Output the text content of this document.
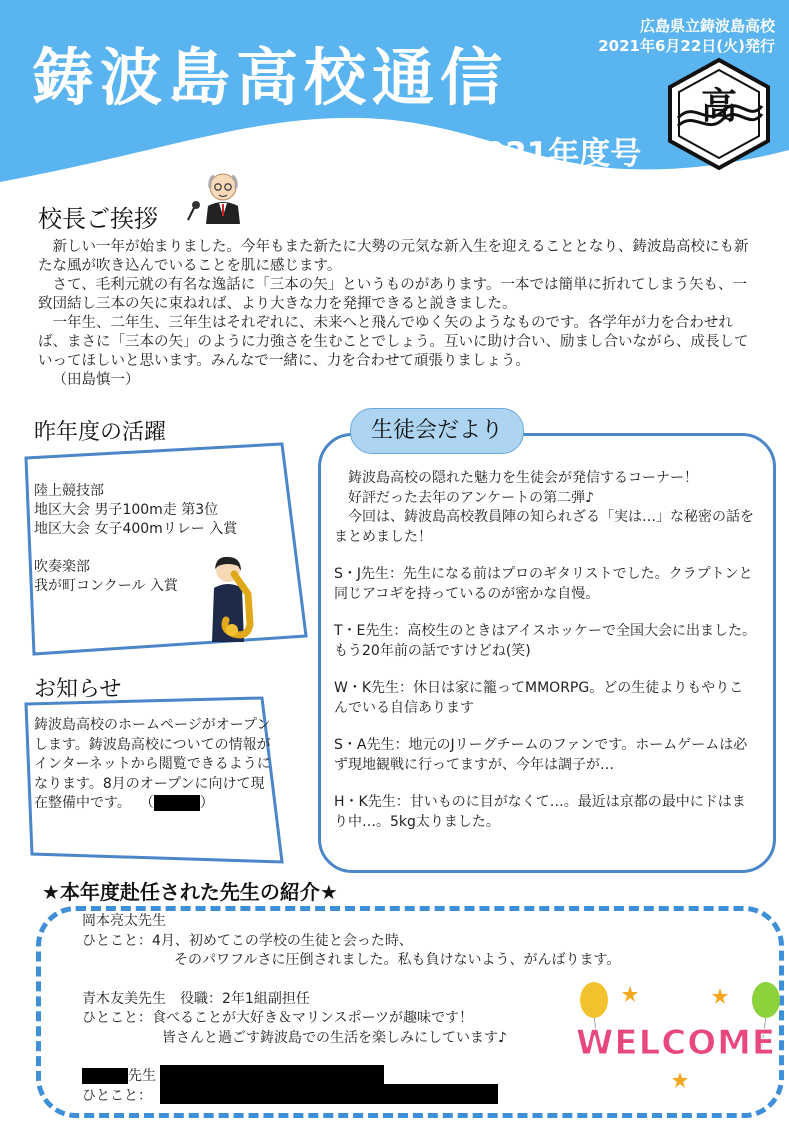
鋳波島高校通信
広島県立鋳波島高校
2021年6月22日(火)発行
2021年度号
高
校長ご挨拶

新しい一年が始まりました。今年もまた新たに大勢の元気な新入生を迎えることとなり、鋳波島高校にも新たな風が吹き込んでいることを肌に感じます。

さて、毛利元就の有名な逸話に「三本の矢」というものがあります。一本では簡単に折れてしまう矢も、一致団結し三本の矢に束ねれば、より大きな力を発揮できると説きました。

一年生、二年生、三年生はそれぞれに、未来へと飛んでゆく矢のようなものです。各学年が力を合わせれば、まさに「三本の矢」のように力強さを生むことでしょう。互いに助け合い、励まし合いながら、成長していってほしいと思います。みんなで一緒に、力を合わせて頑張りましょう。

（田島慎一）

昨年度の活躍
陸上競技部
地区大会 男子100m走 第3位
地区大会 女子400mリレー 入賞
吹奏楽部
我が町コンクール 入賞
お知らせ
鋳波島高校のホームページがオープンします。鋳波島高校についての情報がインターネットから閲覧できるようになります。8月のオープンに向けて現在整備中です。 （	）
生徒会だより

鋳波島高校の隠れた魅力を生徒会が発信するコーナー！

好評だった去年のアンケートの第二弾♪

今回は、鋳波島高校教員陣の知られざる「実は…」な秘密の話をまとめました！

S・J先生：先生になる前はプロのギタリストでした。クラプトンと同じアコギを持っているのが密かな自慢。

T・E先生：高校生のときはアイスホッケーで全国大会に出ました。もう20年前の話ですけどね(笑)

W・K先生：休日は家に籠ってMMORPG。どの生徒よりもやりこんでいる自信あります

S・A先生：地元のJリーグチームのファンです。ホームゲームは必ず現地観戦に行ってますが、今年は調子が…

H・K先生：甘いものに目がなくて…。最近は京都の最中にドはまり中…。5kg太りました。

★本年度赴任された先生の紹介★
岡本亮太先生
ひとこと：4月、初めてこの学校の生徒と会った時、
そのパワフルさに圧倒されました。私も負けないよう、がんばります。
青木友美先生　役職：2年1組副担任
ひとこと：食べることが大好き＆マリンスポーツが趣味です！
皆さんと過ごす鋳波島での生活を楽しみにしています♪
先生
ひとこと：
WELCOME
